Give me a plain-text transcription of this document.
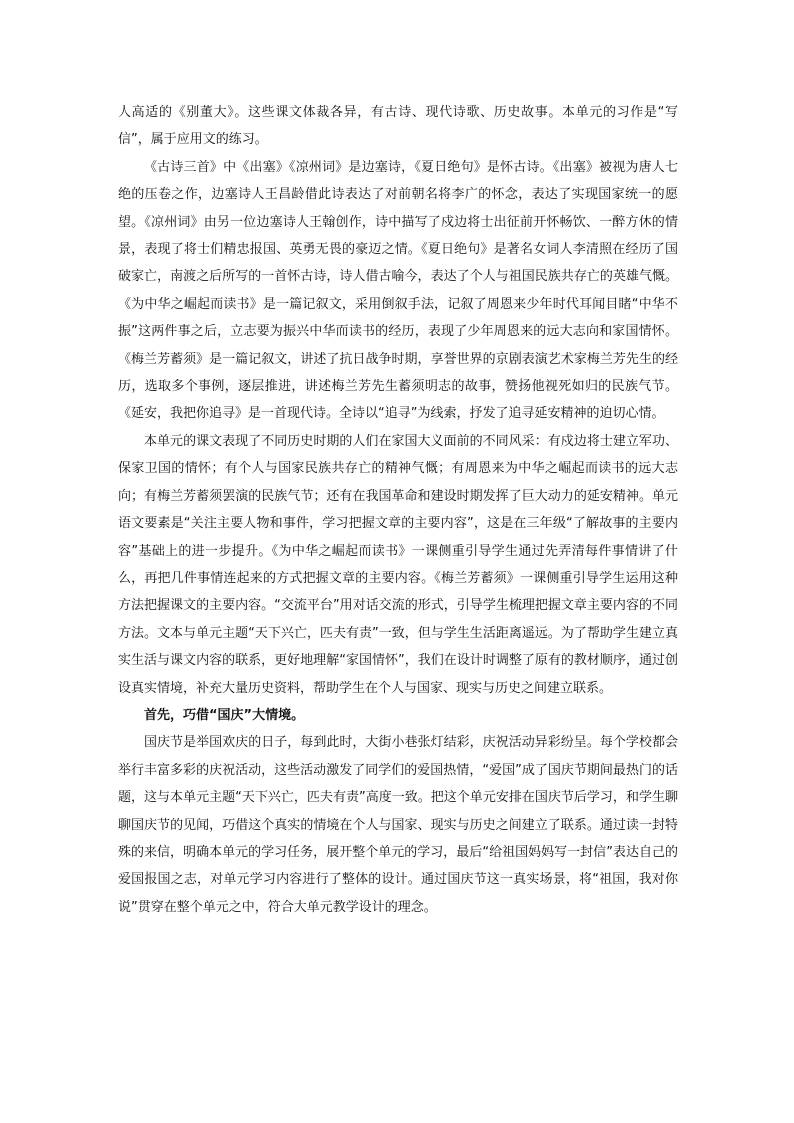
人高适的《别董大》。这些课文体裁各异，有古诗、现代诗歌、历史故事。本单元的习作是“写信”，属于应用文的练习。

《古诗三首》中《出塞》《凉州词》是边塞诗，《夏日绝句》是怀古诗。《出塞》被视为唐人七绝的压卷之作，边塞诗人王昌龄借此诗表达了对前朝名将李广的怀念，表达了实现国家统一的愿望。《凉州词》由另一位边塞诗人王翰创作，诗中描写了戍边将士出征前开怀畅饮、一醉方休的情景，表现了将士们精忠报国、英勇无畏的豪迈之情。《夏日绝句》是著名女词人李清照在经历了国破家亡，南渡之后所写的一首怀古诗，诗人借古喻今，表达了个人与祖国民族共存亡的英雄气慨。《为中华之崛起而读书》是一篇记叙文，采用倒叙手法，记叙了周恩来少年时代耳闻目睹“中华不振”这两件事之后，立志要为振兴中华而读书的经历，表现了少年周恩来的远大志向和家国情怀。《梅兰芳蓄须》是一篇记叙文，讲述了抗日战争时期，享誉世界的京剧表演艺术家梅兰芳先生的经历，选取多个事例，逐层推进，讲述梅兰芳先生蓄须明志的故事，赞扬他视死如归的民族气节。《延安，我把你追寻》是一首现代诗。全诗以“追寻”为线索，抒发了追寻延安精神的迫切心情。

本单元的课文表现了不同历史时期的人们在家国大义面前的不同风采：有戍边将士建立军功、保家卫国的情怀；有个人与国家民族共存亡的精神气慨；有周恩来为中华之崛起而读书的远大志向；有梅兰芳蓄须罢演的民族气节；还有在我国革命和建设时期发挥了巨大动力的延安精神。单元语文要素是“关注主要人物和事件，学习把握文章的主要内容”，这是在三年级“了解故事的主要内容”基础上的进一步提升。《为中华之崛起而读书》一课侧重引导学生通过先弄清每件事情讲了什么，再把几件事情连起来的方式把握文章的主要内容。《梅兰芳蓄须》一课侧重引导学生运用这种方法把握课文的主要内容。“交流平台”用对话交流的形式，引导学生梳理把握文章主要内容的不同方法。文本与单元主题“天下兴亡，匹夫有责”一致，但与学生生活距离遥远。为了帮助学生建立真实生活与课文内容的联系，更好地理解“家国情怀”，我们在设计时调整了原有的教材顺序，通过创设真实情境，补充大量历史资料，帮助学生在个人与国家、现实与历史之间建立联系。

首先，巧借“国庆”大情境。

国庆节是举国欢庆的日子，每到此时，大街小巷张灯结彩，庆祝活动异彩纷呈。每个学校都会举行丰富多彩的庆祝活动，这些活动激发了同学们的爱国热情，“爱国”成了国庆节期间最热门的话题，这与本单元主题“天下兴亡，匹夫有责”高度一致。把这个单元安排在国庆节后学习，和学生聊聊国庆节的见闻，巧借这个真实的情境在个人与国家、现实与历史之间建立了联系。通过读一封特殊的来信，明确本单元的学习任务，展开整个单元的学习，最后“给祖国妈妈写一封信”表达自己的爱国报国之志，对单元学习内容进行了整体的设计。通过国庆节这一真实场景，将“祖国，我对你说”贯穿在整个单元之中，符合大单元教学设计的理念。
